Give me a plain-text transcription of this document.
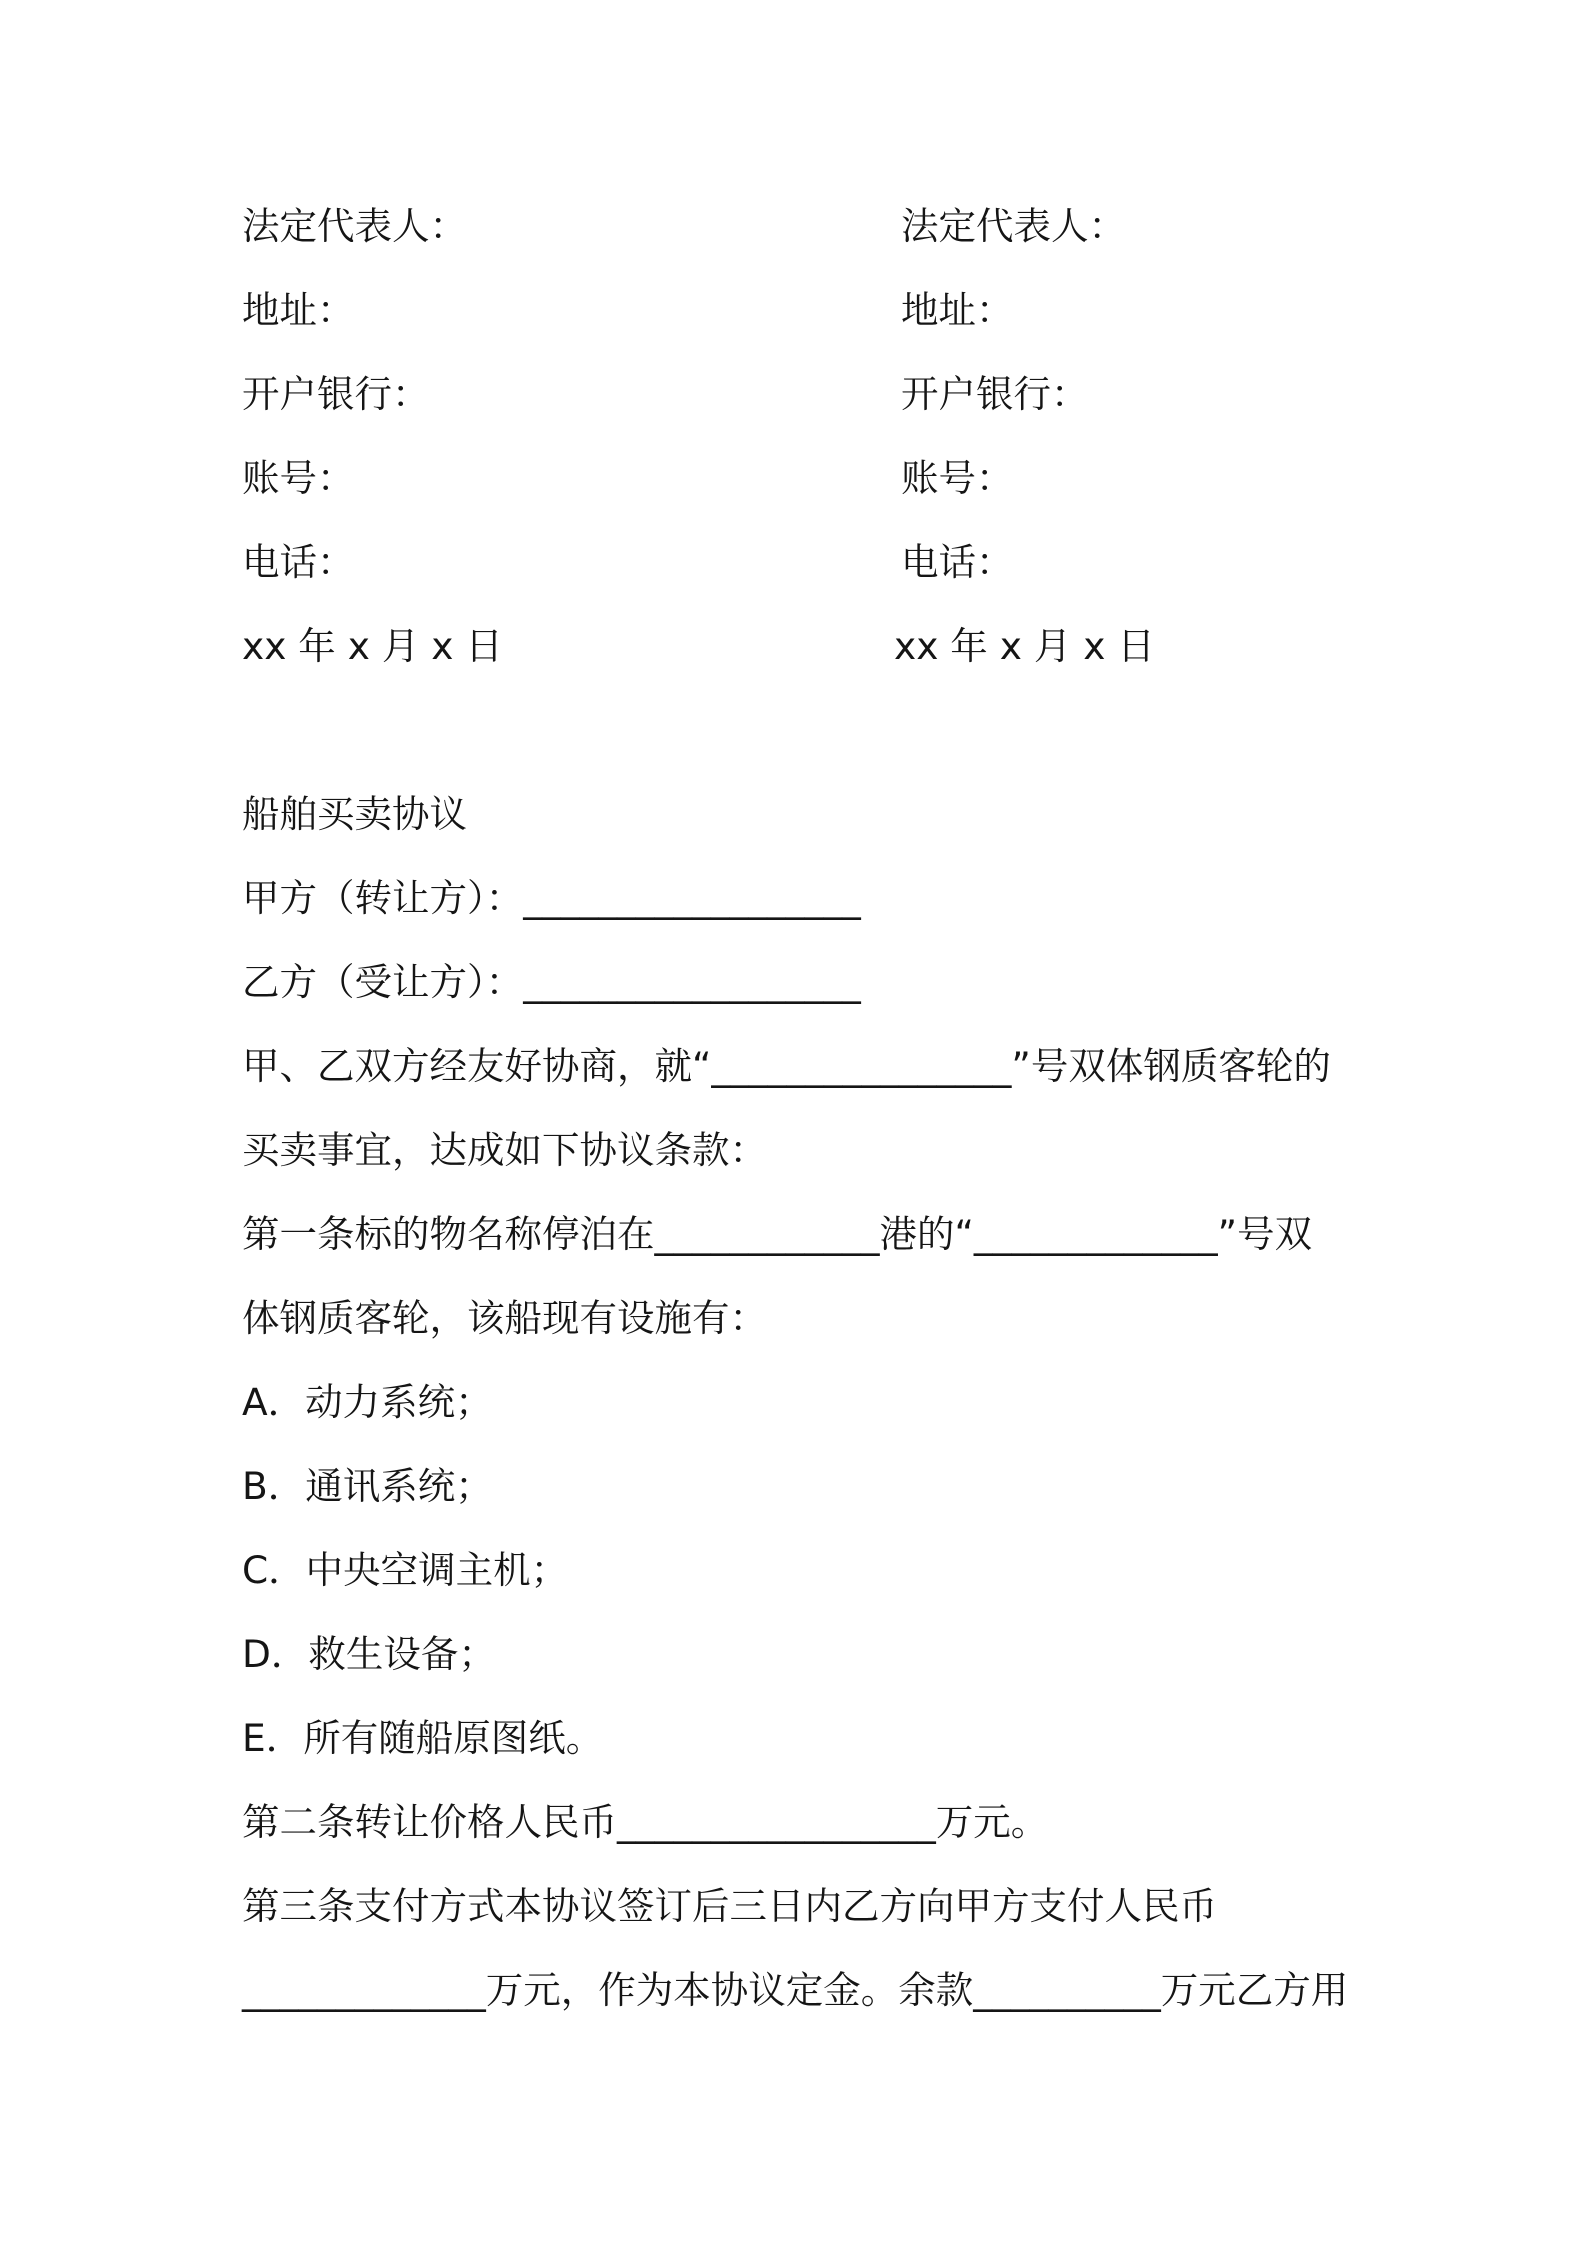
法定代表人：
地址：
开户银行：
账号：
电话：
xx 年 x 月 x 日
法定代表人：
地址：
开户银行：
账号：
电话：
xx 年 x 月 x 日
船舶买卖协议
甲方（转让方）：__________________
乙方（受让方）：__________________
甲、乙双方经友好协商，就“________________”号双体钢质客轮的
买卖事宜，达成如下协议条款：
第一条标的物名称停泊在____________港的“_____________”号双
体钢质客轮，该船现有设施有：
A．动力系统；
B．通讯系统；
C．中央空调主机；
D．救生设备；
E．所有随船原图纸。
第二条转让价格人民币_________________万元。
第三条支付方式本协议签订后三日内乙方向甲方支付人民币
_____________万元，作为本协议定金。余款__________万元乙方用
